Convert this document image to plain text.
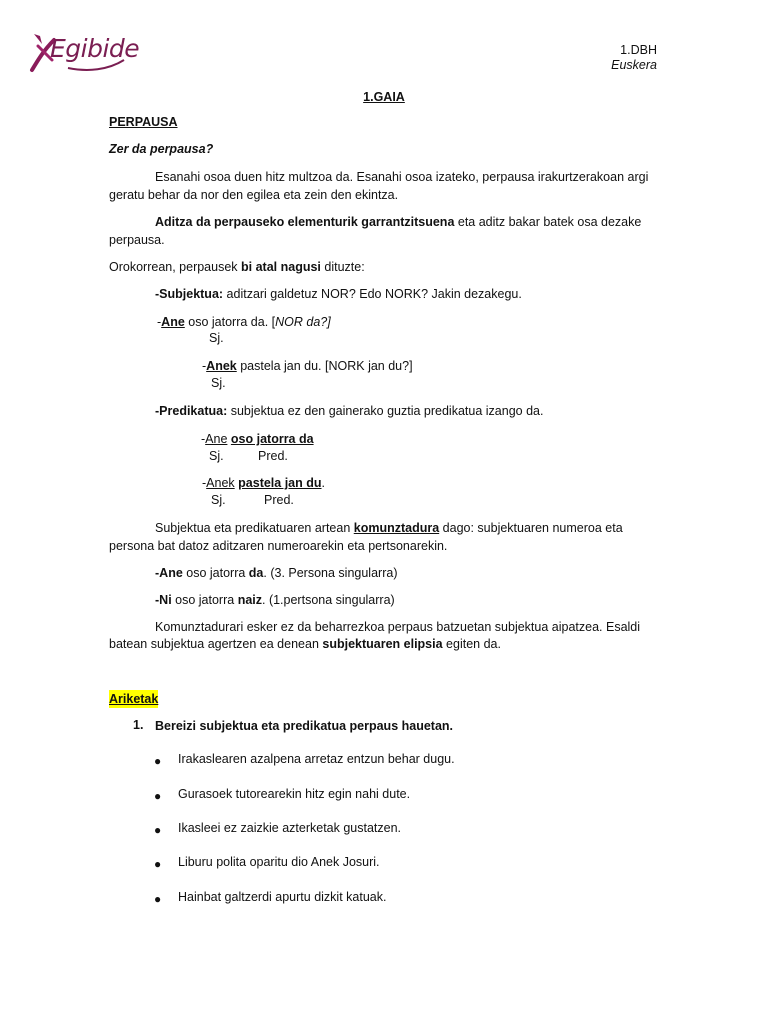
Egibide	1.DBH
Euskera
1.GAIA
PERPAUSA
Zer da perpausa?
Esanahi osoa duen hitz multzoa da. Esanahi osoa izateko, perpausa irakurtzerakoan argi
geratu behar da nor den egilea eta zein den ekintza.
Aditza da perpauseko elementurik garrantzitsuena eta aditz bakar batek osa dezake
perpausa.
Orokorrean, perpausek bi atal nagusi dituzte:
-Subjektua: aditzari galdetuz NOR? Edo NORK? Jakin dezakegu.
-Ane oso jatorra da. [NOR da?]
Sj.
-Anek pastela jan du. [NORK jan du?]
Sj.
-Predikatua: subjektua ez den gainerako guztia predikatua izango da.
-Ane oso jatorra da
Sj.	Pred.
-Anek pastela jan du.
Sj.	Pred.
Subjektua eta predikatuaren artean komunztadura dago: subjektuaren numeroa eta
persona bat datoz aditzaren numeroarekin eta pertsonarekin.
-Ane oso jatorra da. (3. Persona singularra)
-Ni oso jatorra naiz. (1.pertsona singularra)
Komunztadurari esker ez da beharrezkoa perpaus batzuetan subjektua aipatzea. Esaldi
batean subjektua agertzen ea denean subjektuaren elipsia egiten da.
Ariketak
1. Bereizi subjektua eta predikatua perpaus hauetan.
● Irakaslearen azalpena arretaz entzun behar dugu.
● Gurasoek tutorearekin hitz egin nahi dute.
● Ikasleei ez zaizkie azterketak gustatzen.
● Liburu polita oparitu dio Anek Josuri.
● Hainbat galtzerdi apurtu dizkit katuak.
